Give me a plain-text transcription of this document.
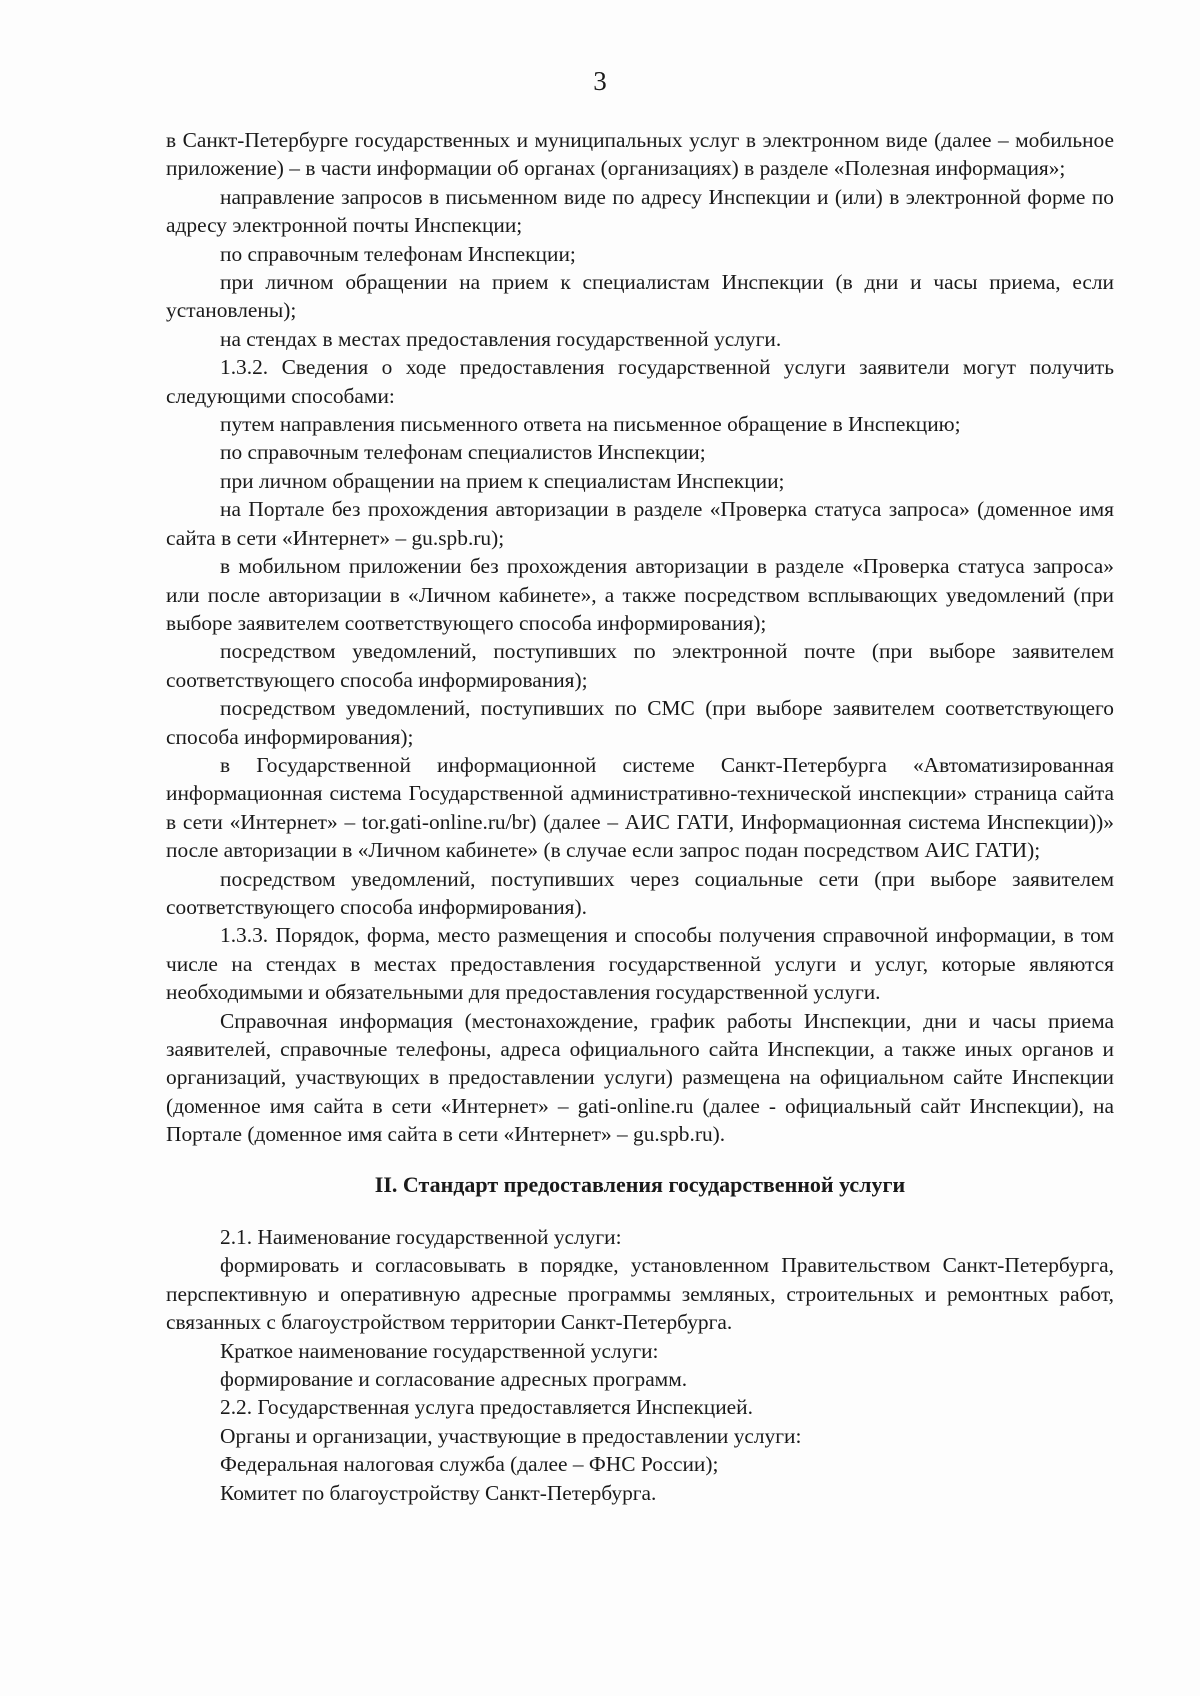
3

в Санкт-Петербурге государственных и муниципальных услуг в электронном виде (далее – мобильное приложение) – в части информации об органах (организациях) в разделе «Полезная информация»;

направление запросов в письменном виде по адресу Инспекции и (или) в электронной форме по адресу электронной почты Инспекции;

по справочным телефонам Инспекции;

при личном обращении на прием к специалистам Инспекции (в дни и часы приема, если установлены);

на стендах в местах предоставления государственной услуги.

1.3.2. Сведения о ходе предоставления государственной услуги заявители могут получить следующими способами:

путем направления письменного ответа на письменное обращение в Инспекцию;

по справочным телефонам специалистов Инспекции;

при личном обращении на прием к специалистам Инспекции;

на Портале без прохождения авторизации в разделе «Проверка статуса запроса» (доменное имя сайта в сети «Интернет» – gu.spb.ru);

в мобильном приложении без прохождения авторизации в разделе «Проверка статуса запроса» или после авторизации в «Личном кабинете», а также посредством всплывающих уведомлений (при выборе заявителем соответствующего способа информирования);

посредством уведомлений, поступивших по электронной почте (при выборе заявителем соответствующего способа информирования);

посредством уведомлений, поступивших по СМС (при выборе заявителем соответствующего способа информирования);

в Государственной информационной системе Санкт-Петербурга «Автоматизированная информационная система Государственной административно-технической инспекции» страница сайта в сети «Интернет» – tor.gati-online.ru/br) (далее – АИС ГАТИ, Информационная система Инспекции))» после авторизации в «Личном кабинете» (в случае если запрос подан посредством АИС ГАТИ);

посредством уведомлений, поступивших через социальные сети (при выборе заявителем соответствующего способа информирования).

1.3.3. Порядок, форма, место размещения и способы получения справочной информации, в том числе на стендах в местах предоставления государственной услуги и услуг, которые являются необходимыми и обязательными для предоставления государственной услуги.

Справочная информация (местонахождение, график работы Инспекции, дни и часы приема заявителей, справочные телефоны, адреса официального сайта Инспекции, а также иных органов и организаций, участвующих в предоставлении услуги) размещена на официальном сайте Инспекции (доменное имя сайта в сети «Интернет» – gati-online.ru (далее - официальный сайт Инспекции), на Портале (доменное имя сайта в сети «Интернет» – gu.spb.ru).

II. Стандарт предоставления государственной услуги

2.1. Наименование государственной услуги:

формировать и согласовывать в порядке, установленном Правительством Санкт-Петербурга, перспективную и оперативную адресные программы земляных, строительных и ремонтных работ, связанных с благоустройством территории Санкт-Петербурга.

Краткое наименование государственной услуги:

формирование и согласование адресных программ.

2.2. Государственная услуга предоставляется Инспекцией.

Органы и организации, участвующие в предоставлении услуги:

Федеральная налоговая служба (далее – ФНС России);

Комитет по благоустройству Санкт-Петербурга.
